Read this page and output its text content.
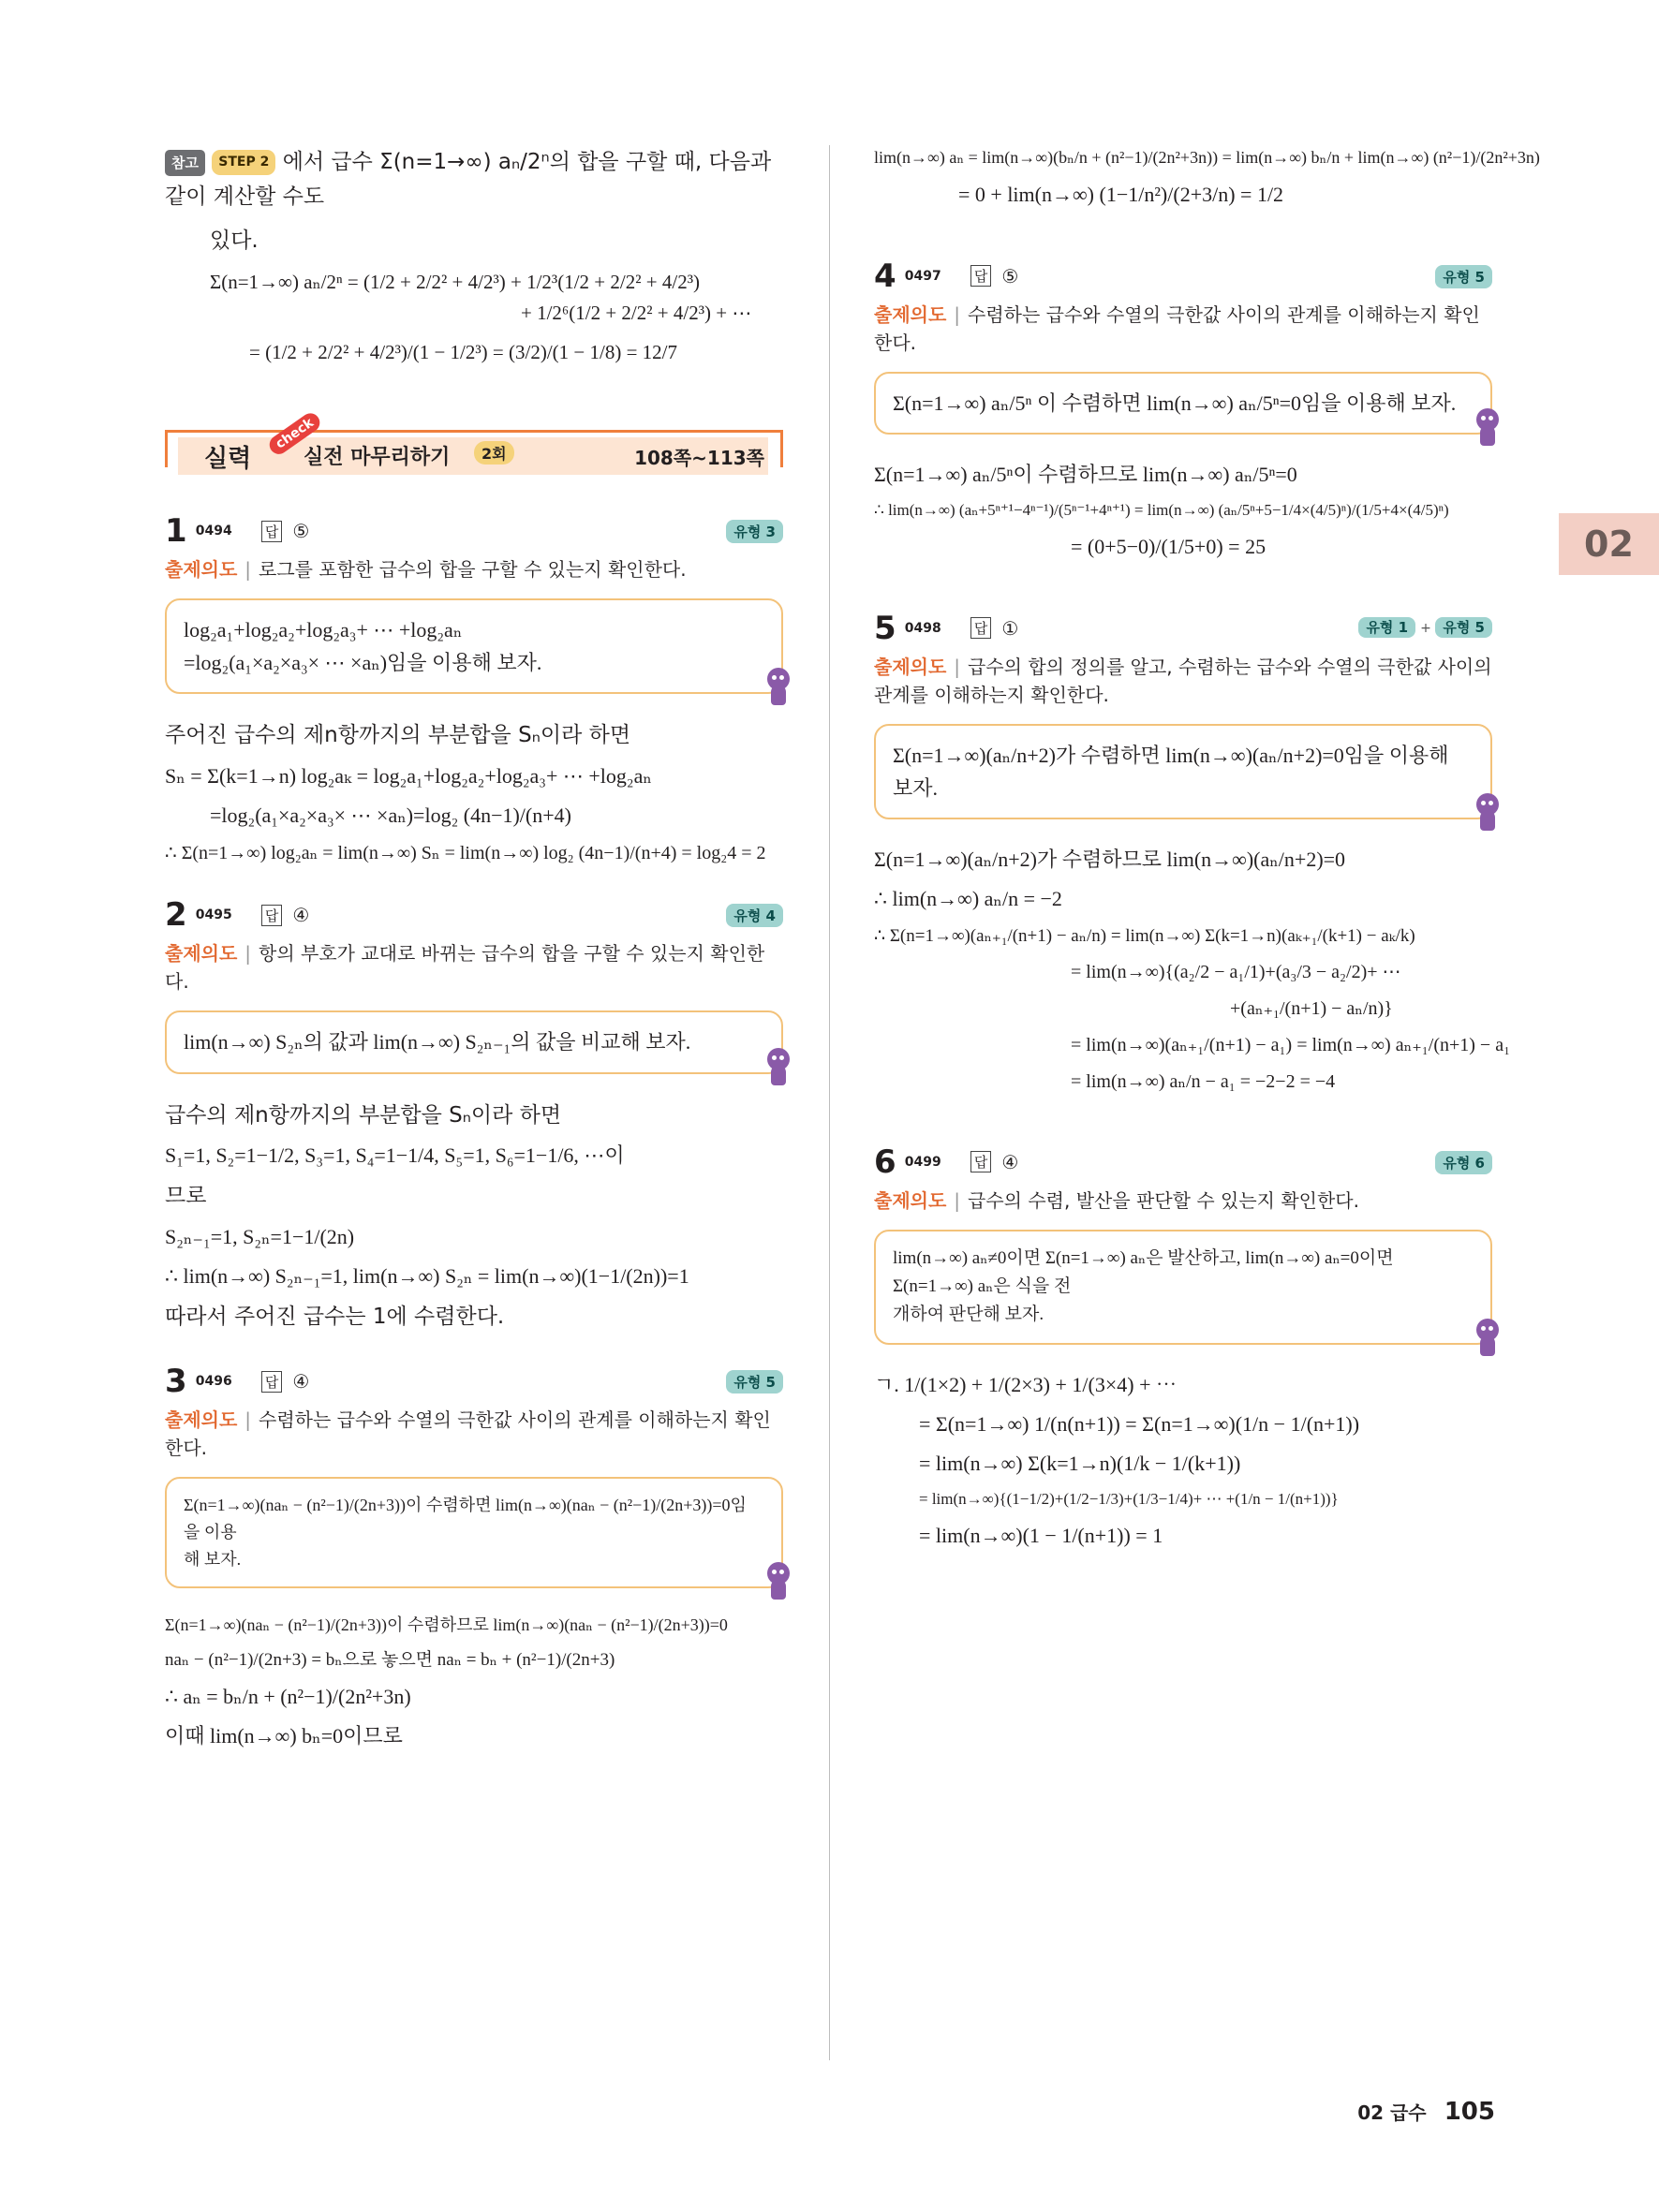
02
참고 STEP 2 에서 급수 Σ(n=1→∞) aₙ/2ⁿ의 합을 구할 때, 다음과 같이 계산할 수도
있다.
Σ(n=1→∞) aₙ/2ⁿ = (1/2 + 2/2² + 4/2³) + 1/2³(1/2 + 2/2² + 4/2³)
+ 1/2⁶(1/2 + 2/2² + 4/2³) + ⋯
= (1/2 + 2/2² + 4/2³)/(1 − 1/2³) = (3/2)/(1 − 1/8) = 12/7
실력
check
실전 마무리하기	2회	108쪽~113쪽
1 0494 답 ⑤	유형 3
출제의도 | 로그를 포함한 급수의 합을 구할 수 있는지 확인한다.
log₂a₁+log₂a₂+log₂a₃+ ⋯ +log₂aₙ
=log₂(a₁×a₂×a₃× ⋯ ×aₙ)임을 이용해 보자.
주어진 급수의 제n항까지의 부분합을 Sₙ이라 하면
Sₙ = Σ(k=1→n) log₂aₖ = log₂a₁+log₂a₂+log₂a₃+ ⋯ +log₂aₙ
=log₂(a₁×a₂×a₃× ⋯ ×aₙ)=log₂ (4n−1)/(n+4)
∴ Σ(n=1→∞) log₂aₙ = lim(n→∞) Sₙ = lim(n→∞) log₂ (4n−1)/(n+4) = log₂4 = 2
2 0495 답 ④	유형 4
출제의도 | 항의 부호가 교대로 바뀌는 급수의 합을 구할 수 있는지 확인한다.
lim(n→∞) S₂ₙ의 값과 lim(n→∞) S₂ₙ₋₁의 값을 비교해 보자.
급수의 제n항까지의 부분합을 Sₙ이라 하면
S₁=1, S₂=1−1/2, S₃=1, S₄=1−1/4, S₅=1, S₆=1−1/6, ⋯이
므로
S₂ₙ₋₁=1, S₂ₙ=1−1/(2n)
∴ lim(n→∞) S₂ₙ₋₁=1, lim(n→∞) S₂ₙ = lim(n→∞)(1−1/(2n))=1
따라서 주어진 급수는 1에 수렴한다.
3 0496 답 ④	유형 5
출제의도 | 수렴하는 급수와 수열의 극한값 사이의 관계를 이해하는지 확인한다.
Σ(n=1→∞)(naₙ − (n²−1)/(2n+3))이 수렴하면 lim(n→∞)(naₙ − (n²−1)/(2n+3))=0임을 이용
해 보자.
Σ(n=1→∞)(naₙ − (n²−1)/(2n+3))이 수렴하므로 lim(n→∞)(naₙ − (n²−1)/(2n+3))=0
naₙ − (n²−1)/(2n+3) = bₙ으로 놓으면 naₙ = bₙ + (n²−1)/(2n+3)
∴ aₙ = bₙ/n + (n²−1)/(2n²+3n)
이때 lim(n→∞) bₙ=0이므로
lim(n→∞) aₙ = lim(n→∞)(bₙ/n + (n²−1)/(2n²+3n)) = lim(n→∞) bₙ/n + lim(n→∞) (n²−1)/(2n²+3n)
= 0 + lim(n→∞) (1−1/n²)/(2+3/n) = 1/2
4 0497 답 ⑤	유형 5
출제의도 | 수렴하는 급수와 수열의 극한값 사이의 관계를 이해하는지 확인한다.
Σ(n=1→∞) aₙ/5ⁿ 이 수렴하면 lim(n→∞) aₙ/5ⁿ=0임을 이용해 보자.
Σ(n=1→∞) aₙ/5ⁿ이 수렴하므로 lim(n→∞) aₙ/5ⁿ=0
∴ lim(n→∞) (aₙ+5ⁿ⁺¹−4ⁿ⁻¹)/(5ⁿ⁻¹+4ⁿ⁺¹) = lim(n→∞) (aₙ/5ⁿ+5−1/4×(4/5)ⁿ)/(1/5+4×(4/5)ⁿ)
= (0+5−0)/(1/5+0) = 25
5 0498 답 ①	유형 1 + 유형 5
출제의도 | 급수의 합의 정의를 알고, 수렴하는 급수와 수열의 극한값 사이의
관계를 이해하는지 확인한다.
Σ(n=1→∞)(aₙ/n+2)가 수렴하면 lim(n→∞)(aₙ/n+2)=0임을 이용해 보자.
Σ(n=1→∞)(aₙ/n+2)가 수렴하므로 lim(n→∞)(aₙ/n+2)=0
∴ lim(n→∞) aₙ/n = −2
∴ Σ(n=1→∞)(aₙ₊₁/(n+1) − aₙ/n) = lim(n→∞) Σ(k=1→n)(aₖ₊₁/(k+1) − aₖ/k)
= lim(n→∞){(a₂/2 − a₁/1)+(a₃/3 − a₂/2)+ ⋯
+(aₙ₊₁/(n+1) − aₙ/n)}
= lim(n→∞)(aₙ₊₁/(n+1) − a₁) = lim(n→∞) aₙ₊₁/(n+1) − a₁
= lim(n→∞) aₙ/n − a₁ = −2−2 = −4
6 0499 답 ④	유형 6
출제의도 | 급수의 수렴, 발산을 판단할 수 있는지 확인한다.
lim(n→∞) aₙ≠0이면 Σ(n=1→∞) aₙ은 발산하고, lim(n→∞) aₙ=0이면 Σ(n=1→∞) aₙ은 식을 전
개하여 판단해 보자.
ㄱ. 1/(1×2) + 1/(2×3) + 1/(3×4) + ⋯
= Σ(n=1→∞) 1/(n(n+1)) = Σ(n=1→∞)(1/n − 1/(n+1))
= lim(n→∞) Σ(k=1→n)(1/k − 1/(k+1))
= lim(n→∞){(1−1/2)+(1/2−1/3)+(1/3−1/4)+ ⋯ +(1/n − 1/(n+1))}
= lim(n→∞)(1 − 1/(n+1)) = 1
02 급수 105
